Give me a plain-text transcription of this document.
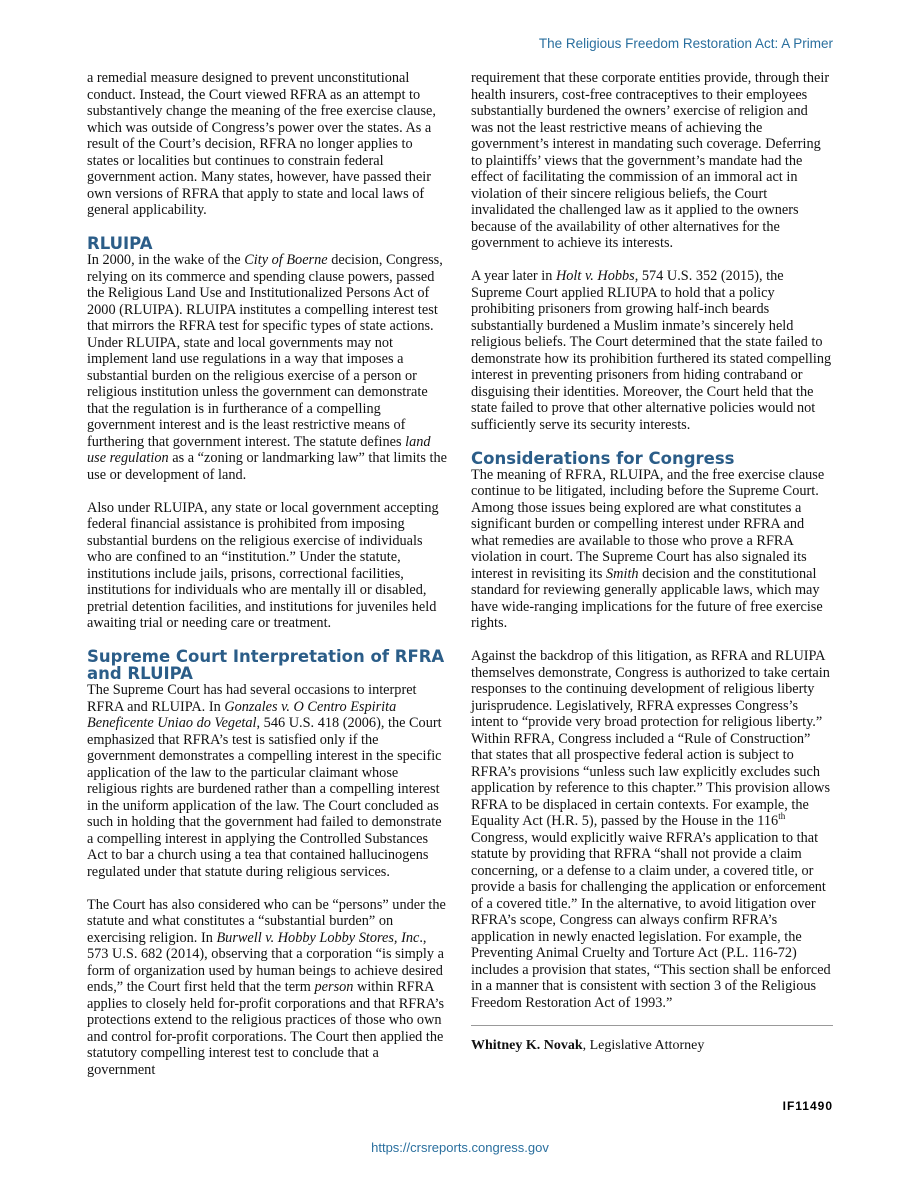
The Religious Freedom Restoration Act: A Primer

a remedial measure designed to prevent unconstitutional conduct. Instead, the Court viewed RFRA as an attempt to substantively change the meaning of the free exercise clause, which was outside of Congress’s power over the states. As a result of the Court’s decision, RFRA no longer applies to states or localities but continues to constrain federal government action. Many states, however, have passed their own versions of RFRA that apply to state and local laws of general applicability.

RLUIPA

In 2000, in the wake of the City of Boerne decision, Congress, relying on its commerce and spending clause powers, passed the Religious Land Use and Institutionalized Persons Act of 2000 (RLUIPA). RLUIPA institutes a compelling interest test that mirrors the RFRA test for specific types of state actions. Under RLUIPA, state and local governments may not implement land use regulations in a way that imposes a substantial burden on the religious exercise of a person or religious institution unless the government can demonstrate that the regulation is in furtherance of a compelling government interest and is the least restrictive means of furthering that government interest. The statute defines land use regulation as a “zoning or landmarking law” that limits the use or development of land.

Also under RLUIPA, any state or local government accepting federal financial assistance is prohibited from imposing substantial burdens on the religious exercise of individuals who are confined to an “institution.” Under the statute, institutions include jails, prisons, correctional facilities, institutions for individuals who are mentally ill or disabled, pretrial detention facilities, and institutions for juveniles held awaiting trial or needing care or treatment.

Supreme Court Interpretation of RFRA and RLUIPA

The Supreme Court has had several occasions to interpret RFRA and RLUIPA. In Gonzales v. O Centro Espirita Beneficente Uniao do Vegetal, 546 U.S. 418 (2006), the Court emphasized that RFRA’s test is satisfied only if the government demonstrates a compelling interest in the specific application of the law to the particular claimant whose religious rights are burdened rather than a compelling interest in the uniform application of the law. The Court concluded as such in holding that the government had failed to demonstrate a compelling interest in applying the Controlled Substances Act to bar a church using a tea that contained hallucinogens regulated under that statute during religious services.

The Court has also considered who can be “persons” under the statute and what constitutes a “substantial burden” on exercising religion. In Burwell v. Hobby Lobby Stores, Inc., 573 U.S. 682 (2014), observing that a corporation “is simply a form of organization used by human beings to achieve desired ends,” the Court first held that the term person within RFRA applies to closely held for-profit corporations and that RFRA’s protections extend to the religious practices of those who own and control for-profit corporations. The Court then applied the statutory compelling interest test to conclude that a government

requirement that these corporate entities provide, through their health insurers, cost-free contraceptives to their employees substantially burdened the owners’ exercise of religion and was not the least restrictive means of achieving the government’s interest in mandating such coverage. Deferring to plaintiffs’ views that the government’s mandate had the effect of facilitating the commission of an immoral act in violation of their sincere religious beliefs, the Court invalidated the challenged law as it applied to the owners because of the availability of other alternatives for the government to achieve its interests.

A year later in Holt v. Hobbs, 574 U.S. 352 (2015), the Supreme Court applied RLIUPA to hold that a policy prohibiting prisoners from growing half-inch beards substantially burdened a Muslim inmate’s sincerely held religious beliefs. The Court determined that the state failed to demonstrate how its prohibition furthered its stated compelling interest in preventing prisoners from hiding contraband or disguising their identities. Moreover, the Court held that the state failed to prove that other alternative policies would not sufficiently serve its security interests.

Considerations for Congress

The meaning of RFRA, RLUIPA, and the free exercise clause continue to be litigated, including before the Supreme Court. Among those issues being explored are what constitutes a significant burden or compelling interest under RFRA and what remedies are available to those who prove a RFRA violation in court. The Supreme Court has also signaled its interest in revisiting its Smith decision and the constitutional standard for reviewing generally applicable laws, which may have wide-ranging implications for the future of free exercise rights.

Against the backdrop of this litigation, as RFRA and RLUIPA themselves demonstrate, Congress is authorized to take certain responses to the continuing development of religious liberty jurisprudence. Legislatively, RFRA expresses Congress’s intent to “provide very broad protection for religious liberty.” Within RFRA, Congress included a “Rule of Construction” that states that all prospective federal action is subject to RFRA’s provisions “unless such law explicitly excludes such application by reference to this chapter.” This provision allows RFRA to be displaced in certain contexts. For example, the Equality Act (H.R. 5), passed by the House in the 116th Congress, would explicitly waive RFRA’s application to that statute by providing that RFRA “shall not provide a claim concerning, or a defense to a claim under, a covered title, or provide a basis for challenging the application or enforcement of a covered title.” In the alternative, to avoid litigation over RFRA’s scope, Congress can always confirm RFRA’s application in newly enacted legislation. For example, the Preventing Animal Cruelty and Torture Act (P.L. 116-72) includes a provision that states, “This section shall be enforced in a manner that is consistent with section 3 of the Religious Freedom Restoration Act of 1993.”

Whitney K. Novak, Legislative Attorney
IF11490
https://crsreports.congress.gov
